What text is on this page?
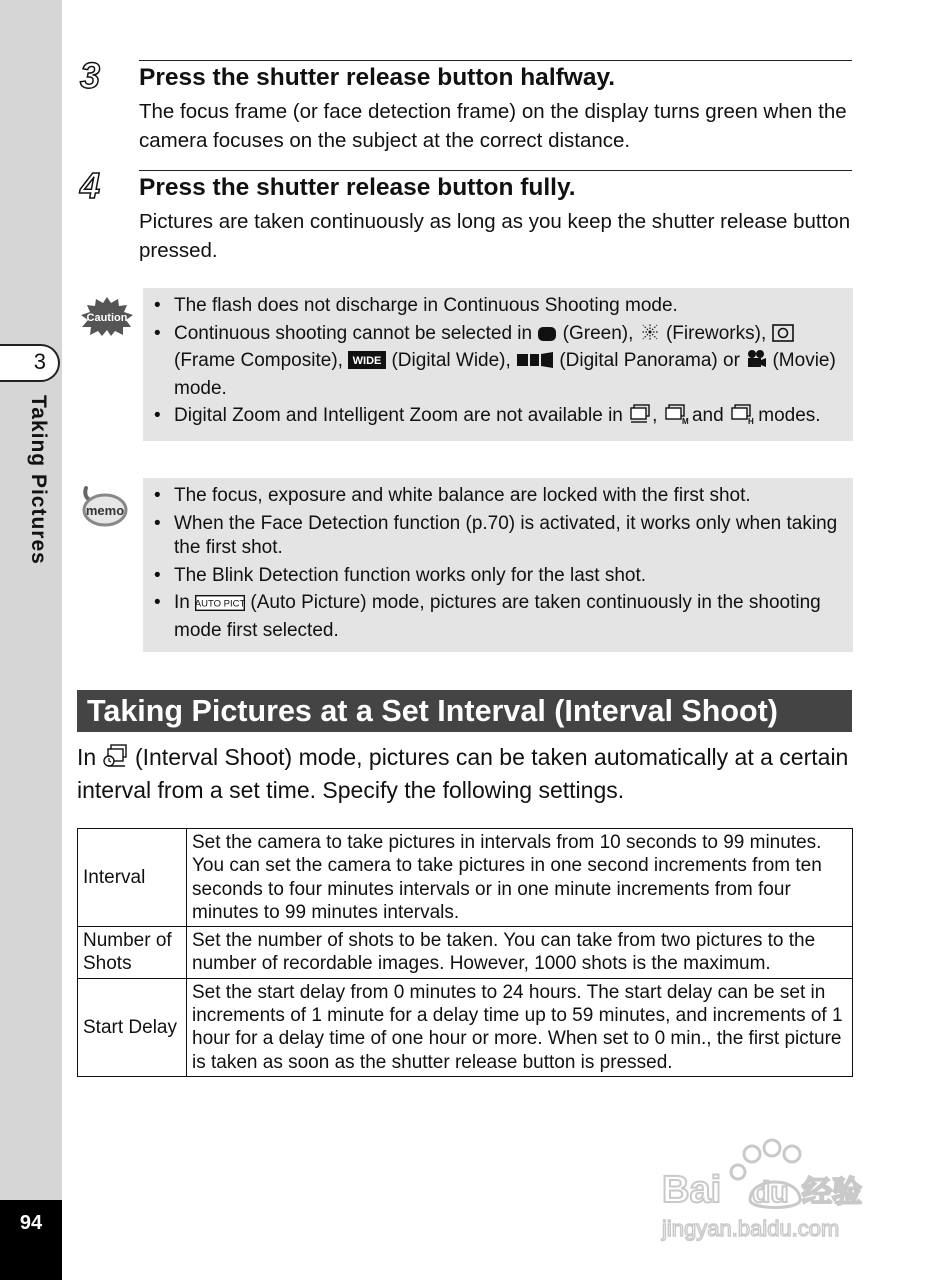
3
Taking Pictures
94
3 Press the shutter release button halfway.
The focus frame (or face detection frame) on the display turns green when the camera focuses on the subject at the correct distance.
4 Press the shutter release button fully.
Pictures are taken continuously as long as you keep the shutter release button pressed.
Caution
• The flash does not discharge in Continuous Shooting mode.
• Continuous shooting cannot be selected in  (Green),  (Fireworks),  (Frame Composite), WIDE (Digital Wide),  (Digital Panorama) or  (Movie) mode.
• Digital Zoom and Intelligent Zoom are not available in , M
and H modes.
memo
• The focus, exposure and white balance are locked with the first shot.
• When the Face Detection function (p.70) is activated, it works only when taking the first shot.
• The Blink Detection function works only for the last shot.
• In AUTO PICT (Auto Picture) mode, pictures are taken continuously in the shooting mode first selected.
Taking Pictures at a Set Interval (Interval Shoot)
In  (Interval Shoot) mode, pictures can be taken automatically at a certain interval from a set time. Specify the following settings.
Interval	Set the camera to take pictures in intervals from 10 seconds to 99 minutes. You can set the camera to take pictures in one second increments from ten seconds to four minutes intervals or in one minute increments from four minutes to 99 minutes intervals.
Number of Shots	Set the number of shots to be taken. You can take from two pictures to the number of recordable images. However, 1000 shots is the maximum.
Start Delay	Set the start delay from 0 minutes to 24 hours. The start delay can be set in increments of 1 minute for a delay time up to 59 minutes, and increments of 1 hour for a delay time of one hour or more. When set to 0 min., the first picture is taken as soon as the shutter release button is pressed.
Bai du 经验
jingyan.baidu.com
